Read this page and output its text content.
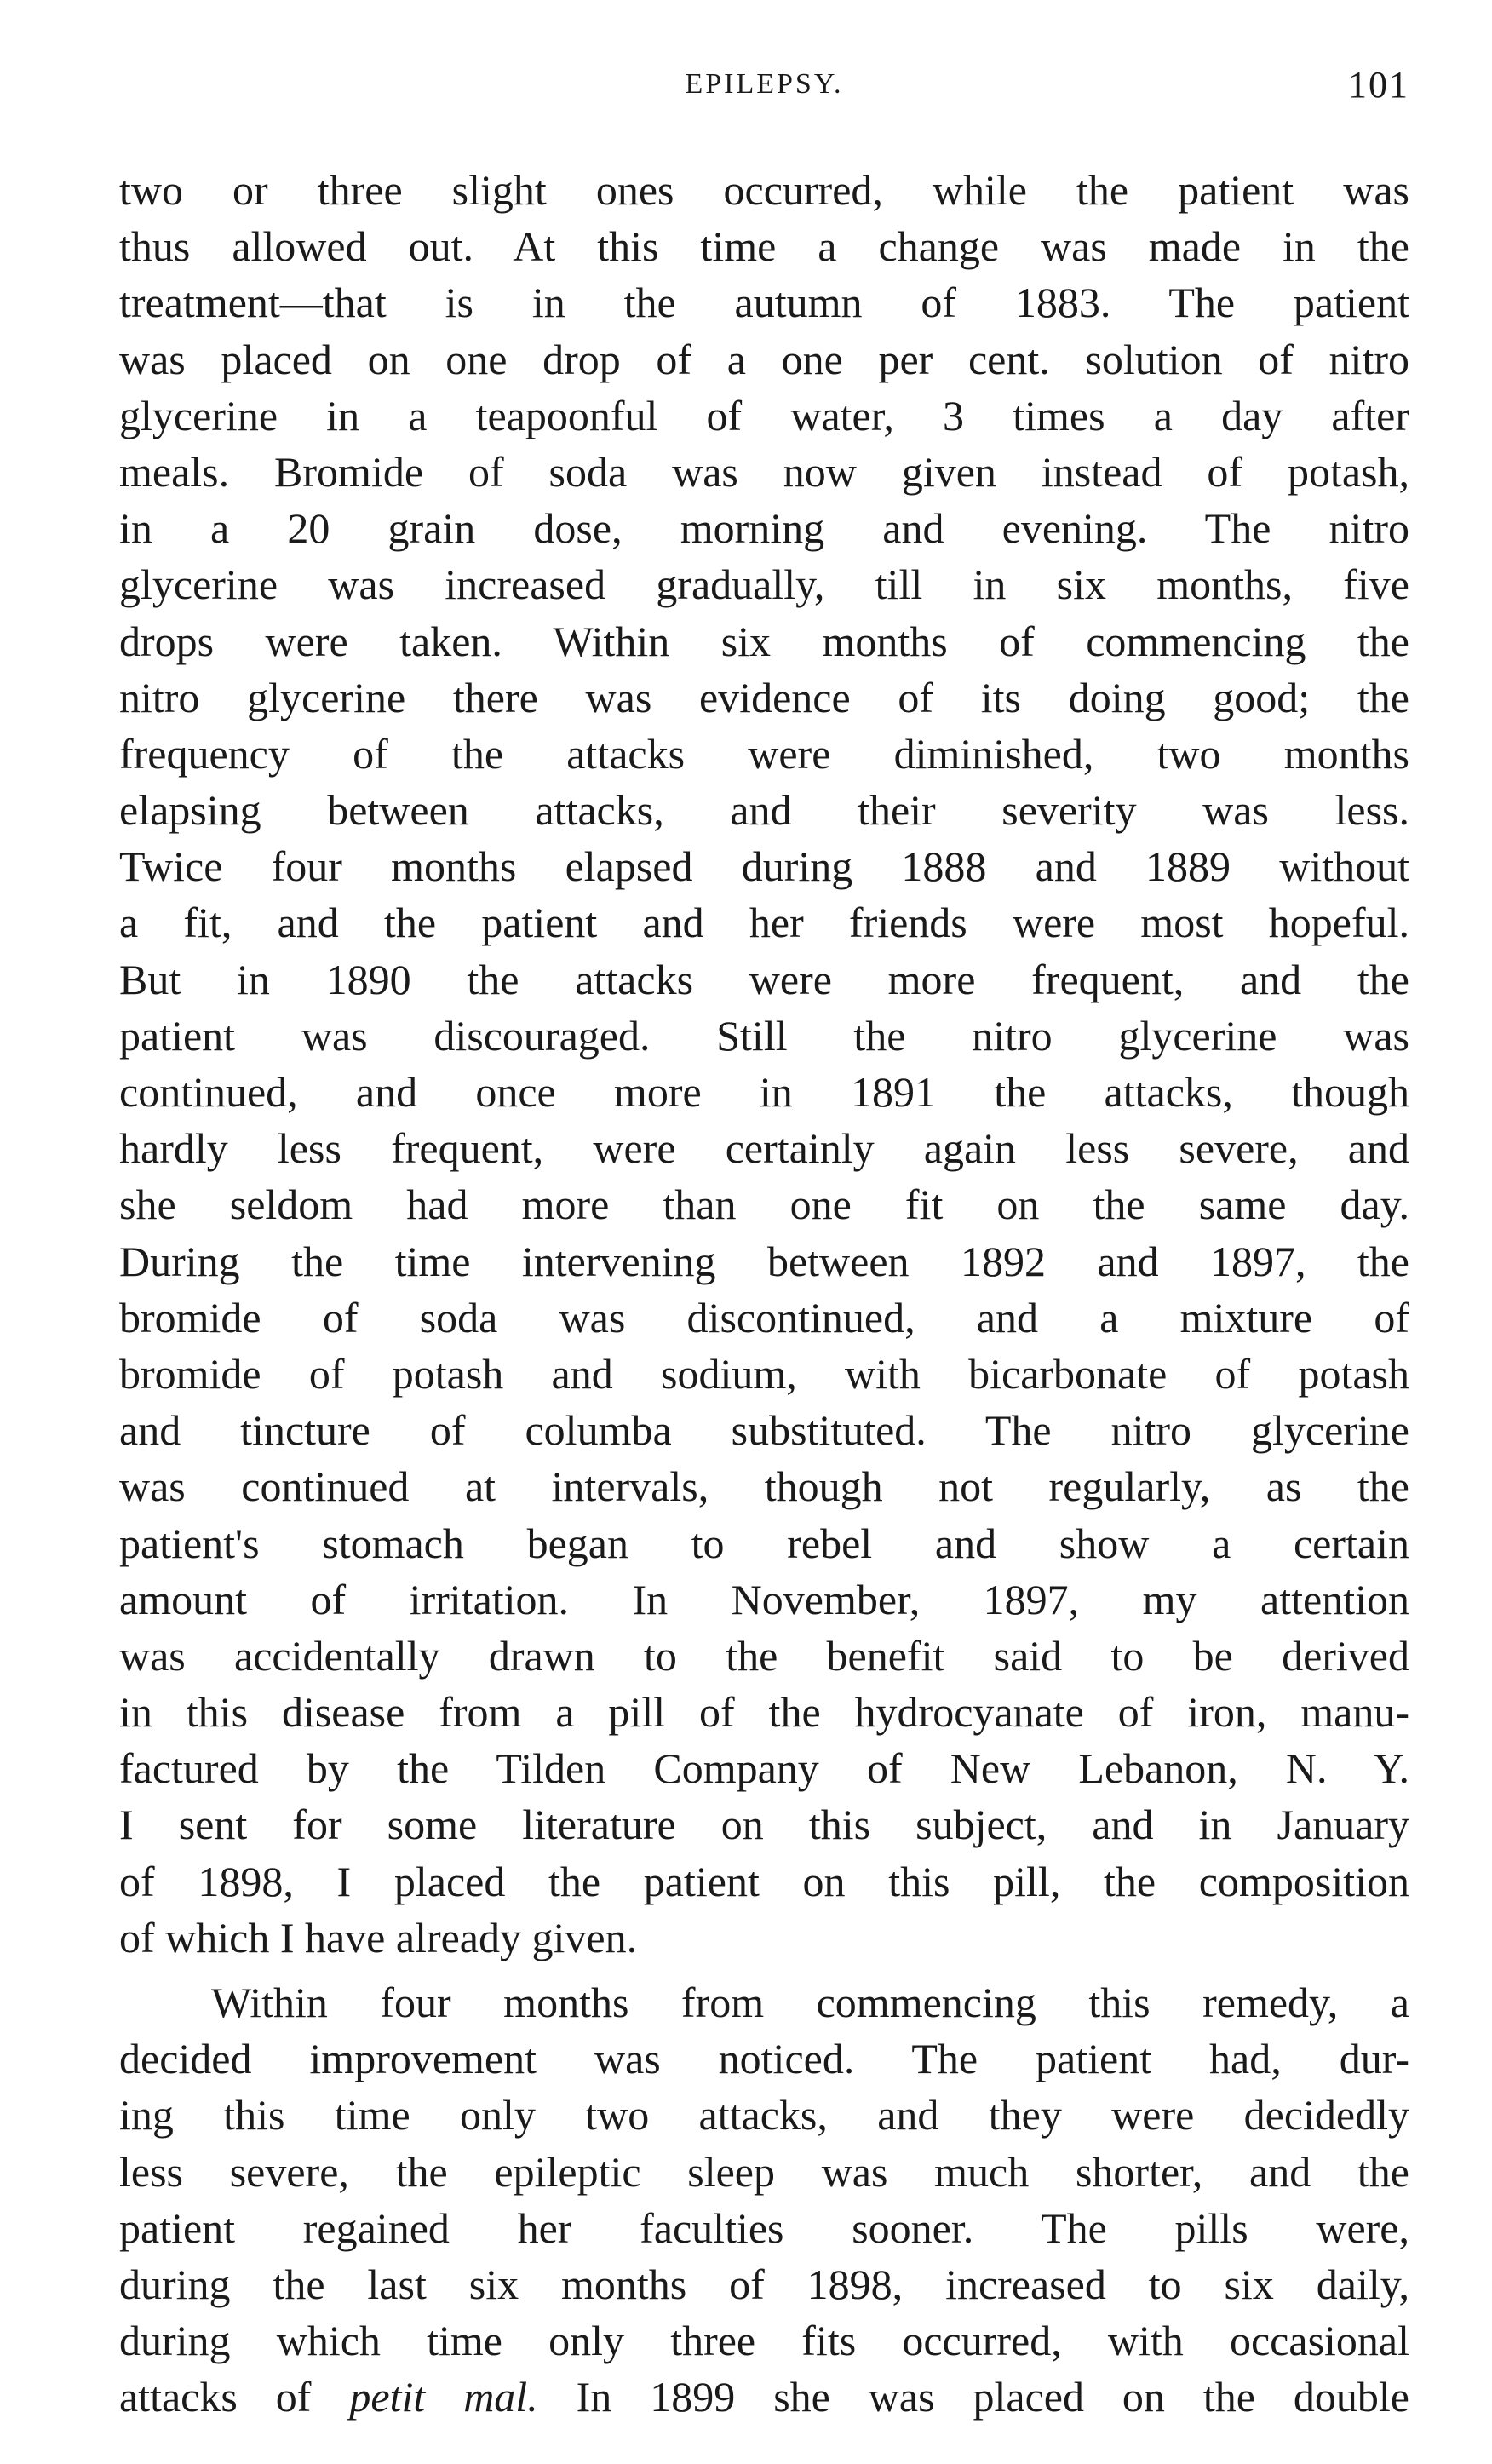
EPILEPSY.	101
two or three slight ones occurred, while the patient was
thus allowed out. At this time a change was made in the
treatment—that is in the autumn of 1883. The patient
was placed on one drop of a one per cent. solution of nitro
glycerine in a teapoonful of water, 3 times a day after
meals. Bromide of soda was now given instead of potash,
in a 20 grain dose, morning and evening. The nitro
glycerine was increased gradually, till in six months, five
drops were taken. Within six months of commencing the
nitro glycerine there was evidence of its doing good; the
frequency of the attacks were diminished, two months
elapsing between attacks, and their severity was less.
Twice four months elapsed during 1888 and 1889 without
a fit, and the patient and her friends were most hopeful.
But in 1890 the attacks were more frequent, and the
patient was discouraged. Still the nitro glycerine was
continued, and once more in 1891 the attacks, though
hardly less frequent, were certainly again less severe, and
she seldom had more than one fit on the same day.
During the time intervening between 1892 and 1897, the
bromide of soda was discontinued, and a mixture of
bromide of potash and sodium, with bicarbonate of potash
and tincture of columba substituted. The nitro glycerine
was continued at intervals, though not regularly, as the
patient's stomach began to rebel and show a certain
amount of irritation. In November, 1897, my attention
was accidentally drawn to the benefit said to be derived
in this disease from a pill of the hydrocyanate of iron, manu-
factured by the Tilden Company of New Lebanon, N. Y.
I sent for some literature on this subject, and in January
of 1898, I placed the patient on this pill, the composition
of which I have already given.
Within four months from commencing this remedy, a
decided improvement was noticed. The patient had, dur-
ing this time only two attacks, and they were decidedly
less severe, the epileptic sleep was much shorter, and the
patient regained her faculties sooner. The pills were,
during the last six months of 1898, increased to six daily,
during which time only three fits occurred, with occasional
attacks of petit mal. In 1899 she was placed on the double
